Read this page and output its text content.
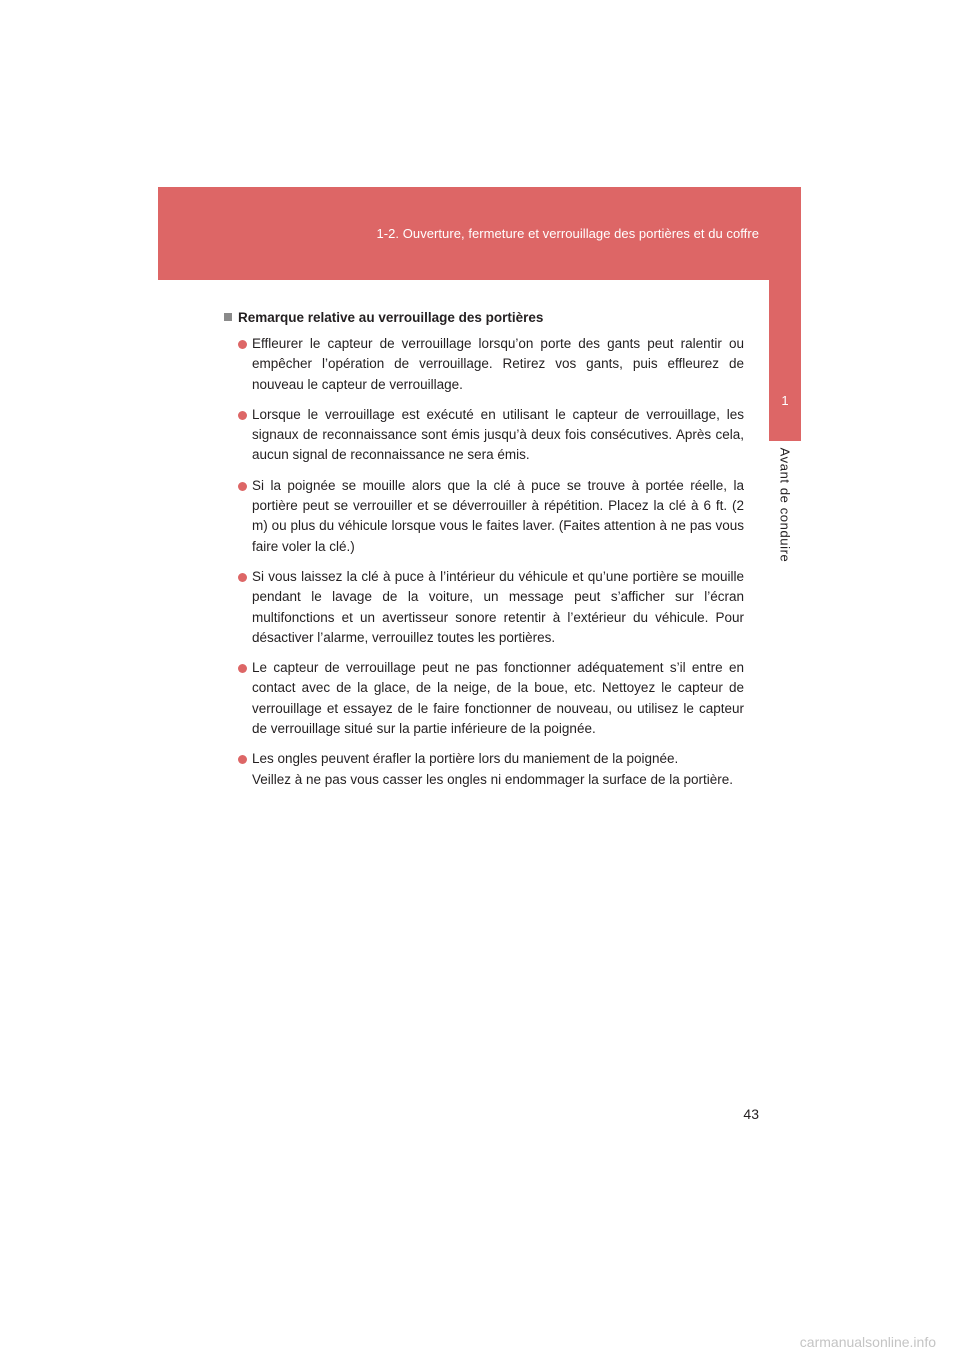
1-2. Ouverture, fermeture et verrouillage des portières et du coffre
1
Avant de conduire
Remarque relative au verrouillage des portières
Effleurer le capteur de verrouillage lorsqu’on porte des gants peut ralentir ou empêcher l’opération de verrouillage. Retirez vos gants, puis effleurez de nouveau le capteur de verrouillage.
Lorsque le verrouillage est exécuté en utilisant le capteur de verrouillage, les signaux de reconnaissance sont émis jusqu’à deux fois consécutives. Après cela, aucun signal de reconnaissance ne sera émis.
Si la poignée se mouille alors que la clé à puce se trouve à portée réelle, la portière peut se verrouiller et se déverrouiller à répétition. Placez la clé à 6 ft. (2 m) ou plus du véhicule lorsque vous le faites laver. (Faites attention à ne pas vous faire voler la clé.)
Si vous laissez la clé à puce à l’intérieur du véhicule et qu’une portière se mouille pendant le lavage de la voiture, un message peut s’afficher sur l’écran multifonctions et un avertisseur sonore retentir à l’extérieur du véhicule. Pour désactiver l’alarme, verrouillez toutes les portières.
Le capteur de verrouillage peut ne pas fonctionner adéquatement s’il entre en contact avec de la glace, de la neige, de la boue, etc. Nettoyez le capteur de verrouillage et essayez de le faire fonctionner de nouveau, ou utilisez le capteur de verrouillage situé sur la partie inférieure de la poignée.
Les ongles peuvent érafler la portière lors du maniement de la poignée.
Veillez à ne pas vous casser les ongles ni endommager la surface de la portière.
43
carmanualsonline.info
